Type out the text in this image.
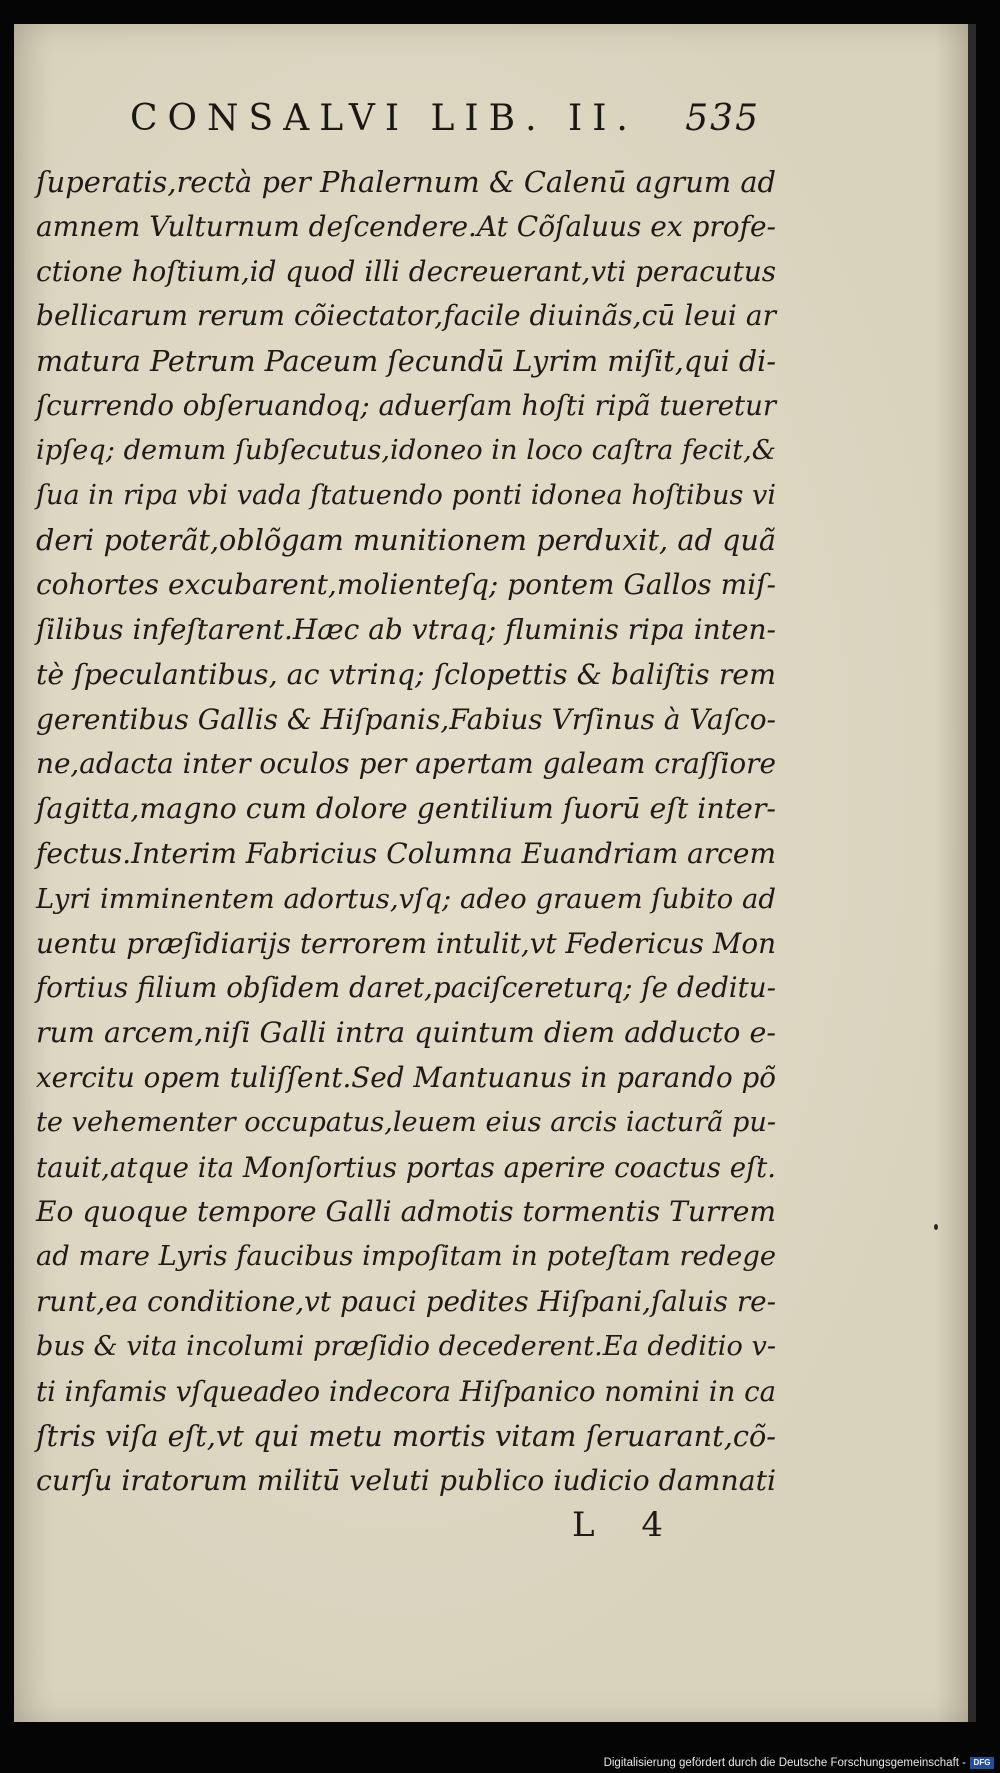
CONSALVI LIB. II. 535
ſuperatis,rectà per Phalernum & Calenū agrum ad
amnem Vulturnum deſcendere.At Cõſaluus ex profe-
ctione hoſtium,id quod illi decreuerant,vti peracutus
bellicarum rerum cõiectator,facile diuinãs,cū leui ar
matura Petrum Paceum ſecundū Lyrim miſit,qui di-
ſcurrendo obſeruandoq; aduerſam hoſti ripã tueretur
ipſeq; demum ſubſecutus,idoneo in loco caſtra fecit,&
ſua in ripa vbi vada ſtatuendo ponti idonea hoſtibus vi
deri poterãt,oblõgam munitionem perduxit, ad quã
cohortes excubarent,molienteſq; pontem Gallos miſ-
ſilibus infeſtarent.Hæc ab vtraq; fluminis ripa inten-
tè ſpeculantibus, ac vtrinq; ſclopettis & baliſtis rem
gerentibus Gallis & Hiſpanis,Fabius Vrſinus à Vaſco-
ne,adacta inter oculos per apertam galeam craſſiore
ſagitta,magno cum dolore gentilium ſuorū eſt inter-
fectus.Interim Fabricius Columna Euandriam arcem
Lyri imminentem adortus,vſq; adeo grauem ſubito ad
uentu præſidiarijs terrorem intulit,vt Federicus Mon
fortius filium obſidem daret,paciſcereturq; ſe deditu-
rum arcem,niſi Galli intra quintum diem adducto e-
xercitu opem tuliſſent.Sed Mantuanus in parando põ
te vehementer occupatus,leuem eius arcis iacturã pu-
tauit,atque ita Monſortius portas aperire coactus eſt.
Eo quoque tempore Galli admotis tormentis Turrem
ad mare Lyris faucibus impoſitam in poteſtam redege
runt,ea conditione,vt pauci pedites Hiſpani,ſaluis re-
bus & vita incolumi præſidio decederent.Ea deditio v-
ti infamis vſqueadeo indecora Hiſpanico nomini in ca
ſtris viſa eſt,vt qui metu mortis vitam ſeruarant,cõ-
curſu iratorum militū veluti publico iudicio damnati
L 4
Digitalisierung gefördert durch die Deutsche Forschungsgemeinschaft - DFG
